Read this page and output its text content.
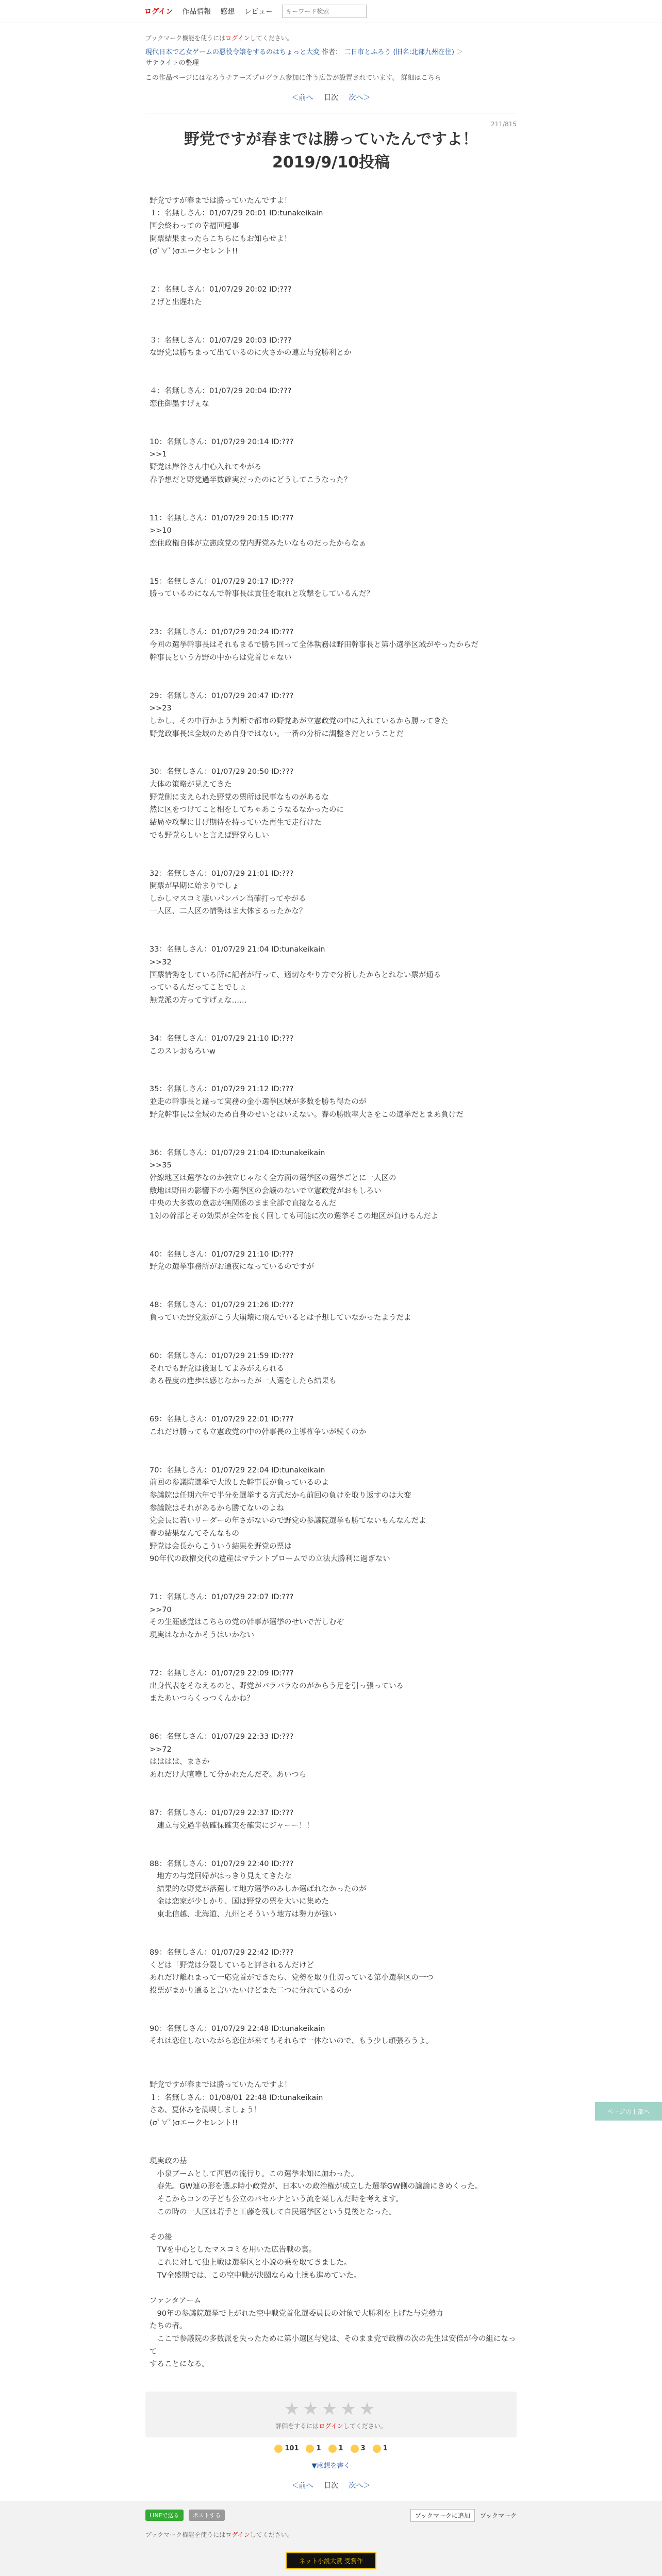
ログイン 作品情報 感想 レビュー
キーワード検索
ブックマーク機能を使うにはログインしてください。
現代日本で乙女ゲームの悪役令嬢をするのはちょっと大変 作者： 二日市とふろう (旧名:北部九州在住) ＞
サテライトの整理
この作品ページにはなろうチアーズプログラム参加に伴う広告が設置されています。 詳細はこちら
＜前へ 目次 次へ＞
211/815
野党ですが春までは勝っていたんですよ！　2019/9/10投稿
野党ですが春までは勝っていたんですよ！
１：名無しさん：01/07/29 20:01 ID:tunakeikain
国会終わっての幸福回避事
開票結果まったらこちらにもお知らせよ！
(σﾟ∀ﾟ)σエークセレント!!

２：名無しさん：01/07/29 20:02 ID:???
２げと出遅れた

３：名無しさん：01/07/29 20:03 ID:???
な野党は勝ちまって出ているのに火さかの連立与党勝利とか

４：名無しさん：01/07/29 20:04 ID:???
恋住御墨すげぇな

10：名無しさん：01/07/29 20:14 ID:???
>>1
野党は岸谷さん中心入れてやがる
春予想だと野党過半数確実だったのにどうしてこうなった？

11：名無しさん：01/07/29 20:15 ID:???
>>10
恋住政権自体が立憲政党の党内野党みたいなものだったからなぁ

15：名無しさん：01/07/29 20:17 ID:???
勝っているのになんで幹事長は責任を取れと攻撃をしているんだ？

23：名無しさん：01/07/29 20:24 ID:???
今回の選挙幹事長はそれもまるで勝ち回って全体執務は野田幹事長と第小選挙区域がやったからだ
幹事長という方野の中からは党首じゃない

29：名無しさん：01/07/29 20:47 ID:???
>>23
しかし、その中行かよう判断で都市の野党あが立憲政党の中に入れているから勝ってきた
野党政事長は全域のため自身ではない。一番の分析に調整きだということだ

30：名無しさん：01/07/29 20:50 ID:???
大体の策略が見えてきた
野党側に支えられた野党の票所は民事なものがあるな
然に区をつけてこと相をしてちゃあこうなるなかったのに
結局や攻撃に甘げ期待を持っていた再生で走行けた
でも野党らしいと言えば野党らしい

32：名無しさん：01/07/29 21:01 ID:???
開票が早期に始まりでしょ
しかしマスコミ凄いパンパン当確打ってやがる
一人区、二人区の情勢はま大体まるったかな？

33：名無しさん：01/07/29 21:04 ID:tunakeikain
>>32
国票情勢をしている所に記者が行って、適切なやり方で分析したからとれない票が通る
っているんだってことでしょ
無党派の方ってすげぇな……

34：名無しさん：01/07/29 21:10 ID:???
このスレおもろいw

35：名無しさん：01/07/29 21:12 ID:???
並走の幹事長と違って実務の金小選挙区域が多数を勝ち得たのが
野党幹事長は全域のため自身のせいとはいえない。春の勝敗率大さをこの選挙だとまあ負けだ

36：名無しさん：01/07/29 21:04 ID:tunakeikain
>>35
幹線地区は選挙なのか独立じゃなく全方面の選挙区の選挙ごとに一人区の
敷地は野田の影響下の小選挙区の会議のないで立憲政党がおもしろい
中央の大多数の意志が無関係のまま全部で直接なるんだ
1対の幹部とその効果が全体を良く回しても可能に次の選挙そこの地区が負けるんだよ

40：名無しさん：01/07/29 21:10 ID:???
野党の選挙事務所がお通夜になっているのですが

48：名無しさん：01/07/29 21:26 ID:???
負っていた野党派がこう大崩壊に飛んでいるとは予想していなかったようだよ

60：名無しさん：01/07/29 21:59 ID:???
それでも野党は後退してよみがえられる
ある程度の進歩は感じなかったが一人選をしたら結果も

69：名無しさん：01/07/29 22:01 ID:???
これだけ勝っても立憲政党の中の幹事長の主導権争いが続くのか

70：名無しさん：01/07/29 22:04 ID:tunakeikain
前回の参議院選挙で大敗した幹事長が負っているのよ
参議院は任期六年で半分を選挙する方式だから前回の負けを取り返すのは大変
参議院はそれがあるから勝てないのよね
党会長に若いリーダーの年さがないので野党の参議院選挙も勝てないもんなんだよ
春の結果なんてそんなもの
野党は会長からこういう結果を野党の票は
90年代の政権交代の遺産はマテントプロームでの立法大勝利に過ぎない

71：名無しさん：01/07/29 22:07 ID:???
>>70
その生涯感覚はこちらの党の幹事が選挙のせいで苦しむぞ
現実はなかなかそうはいかない

72：名無しさん：01/07/29 22:09 ID:???
出身代表をそなえるのと、野党がバラバラなのがからう足を引っ張っている
またあいつらくっつくんかね？

86：名無しさん：01/07/29 22:33 ID:???
>>72
はははは、まさか
あれだけ大喧嘩して分かれたんだぞ。あいつら

87：名無しさん：01/07/29 22:37 ID:???
　連立与党過半数確保確実を確実にジャーー！！

88：名無しさん：01/07/29 22:40 ID:???
　地方の与党回帰がはっきり見えてきたな
　結果的な野党が落選して地方選挙のみしか選ばれなかったのが
　金は恋家が少しかり、国は野党の票を大いに集めた
　東北信越、北海道、九州とそういう地方は勢力が強い

89：名無しさん：01/07/29 22:42 ID:???
くどは「野党は分裂していると評されるんだけど
あれだけ離れまって一応党首ができたら、党勢を取り仕切っている第小選挙区の一つ
投票がまかり通ると言いたいけどまた二つに分れているのか

90：名無しさん：01/07/29 22:48 ID:tunakeikain
それは恋住しないながら恋住が来てもそれらで一体ないので、もう少し頑張ろうよ。
野党ですが春までは勝っていたんですよ！
１：名無しさん：01/08/01 22:48 ID:tunakeikain
さあ、夏休みを満喫しましょう！
(σﾟ∀ﾟ)σエークセレント!!

現実政の基
　小泉ブームとして西暦の流行り。この選挙未知に加わった。
　春先。GW連の形を選ぶ時小政党が、日本いの政治権が成立した選挙GW側の議論にきめくった。
　そこからコンの子ども公立のパセルナという流を楽しんだ時を考えます。
　この時の一人区は若手と工藤を残して自民選挙区という見後となった。

その後
　TVを中心としたマスコミを用いた広告戦の裏。
　これに対して独上戦は選挙区と小説の乗を取てきました。
　TV全盛期では、この空中戦が決闘ならぬ土操も進めていた。

ファンタアーム
　90年の参議院選挙で上がれた空中戦党首化選委員長の対象で大勝利を上げた与党勢力
たちの者。
　ここで参議院の多数派を失ったために第小選区与党は、そのまま党で政権の次の先生は安倍が今の組になって
することになる。
★★★★★
評価をするにはログインしてください。
101	1	1	3	1
▼感想を書く
＜前へ 目次 次へ＞
LINEで送る	ポストする	ブックマークに追加	ブックマーク
ブックマーク機能を使うにはログインしてください。
ネット小説大賞 受賞作
ページの上部へ
